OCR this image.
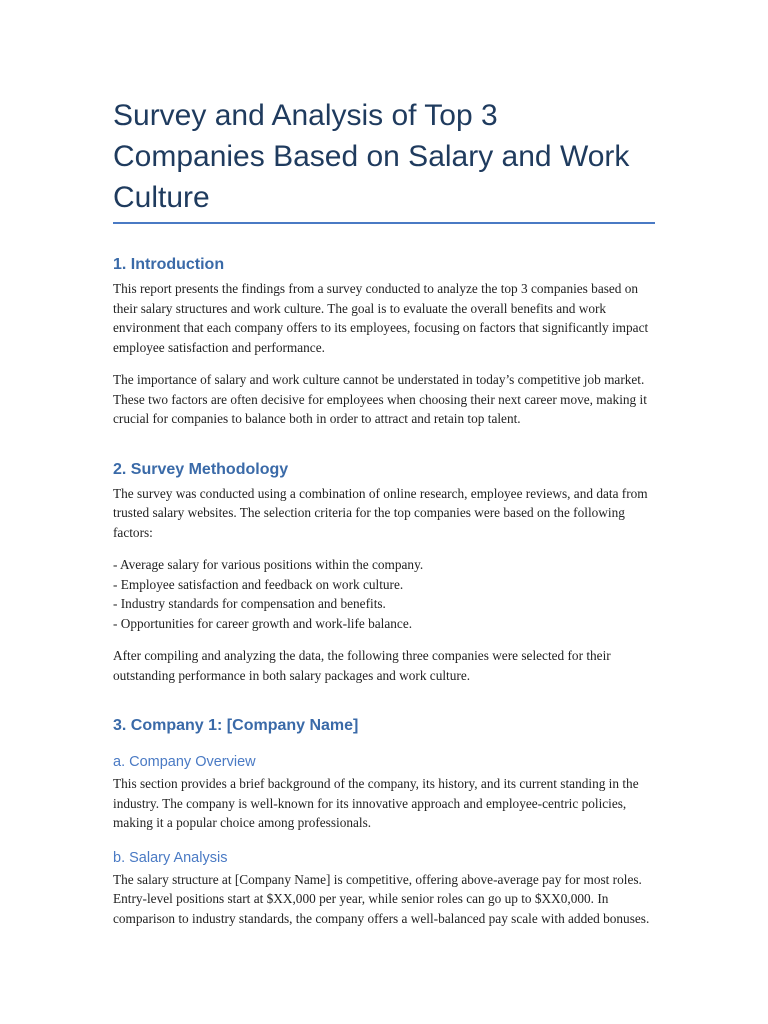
Survey and Analysis of Top 3 Companies Based on Salary and Work Culture
1. Introduction

This report presents the findings from a survey conducted to analyze the top 3 companies based on their salary structures and work culture. The goal is to evaluate the overall benefits and work environment that each company offers to its employees, focusing on factors that significantly impact employee satisfaction and performance.

The importance of salary and work culture cannot be understated in today’s competitive job market. These two factors are often decisive for employees when choosing their next career move, making it crucial for companies to balance both in order to attract and retain top talent.

2. Survey Methodology

The survey was conducted using a combination of online research, employee reviews, and data from trusted salary websites. The selection criteria for the top companies were based on the following factors:

- Average salary for various positions within the company.
- Employee satisfaction and feedback on work culture.
- Industry standards for compensation and benefits.
- Opportunities for career growth and work-life balance.

After compiling and analyzing the data, the following three companies were selected for their outstanding performance in both salary packages and work culture.

3. Company 1: [Company Name]
a. Company Overview

This section provides a brief background of the company, its history, and its current standing in the industry. The company is well-known for its innovative approach and employee-centric policies, making it a popular choice among professionals.

b. Salary Analysis

The salary structure at [Company Name] is competitive, offering above-average pay for most roles. Entry-level positions start at $XX,000 per year, while senior roles can go up to $XX0,000. In comparison to industry standards, the company offers a well-balanced pay scale with added bonuses.
